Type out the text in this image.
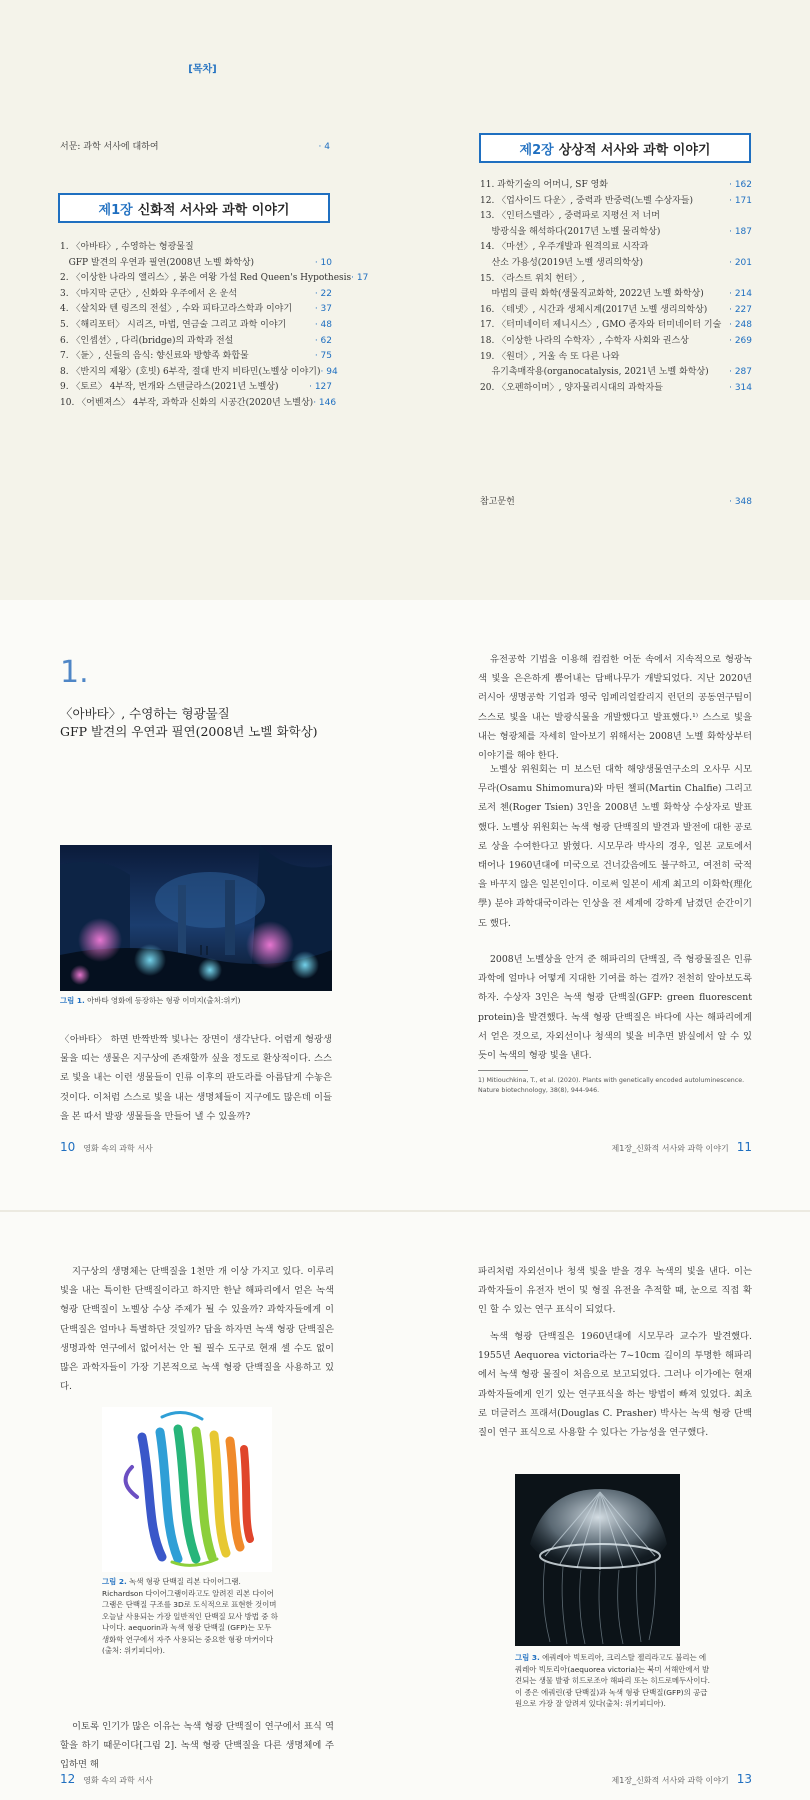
[목차]
서문: 과학 서사에 대하여	· 4
제1장 신화적 서사와 과학 이야기
1. 〈아바타〉, 수영하는 형광물질
GFP 발견의 우연과 필연(2008년 노벨 화학상)	· 10
2. 〈이상한 나라의 앨리스〉, 붉은 여왕 가설 Red Queen's Hypothesis · 17
3. 〈마지막 군단〉, 신화와 우주에서 온 운석	· 22
4. 〈살치와 텐 링즈의 전설〉, 수와 피타고라스학과 이야기	· 37
5. 〈해리포터〉 시리즈, 마법, 연금술 그리고 과학 이야기	· 48
6. 〈인셉션〉, 다리(bridge)의 과학과 전설	· 62
7. 〈듄〉, 신들의 음식: 향신료와 방향족 화합물	· 75
8. 〈반지의 제왕〉(호빗) 6부작, 절대 반지 비타민(노벨상 이야기) · 94
9. 〈토르〉 4부작, 번개와 스텐글라스(2021년 노벨상)	· 127
10. 〈어벤져스〉 4부작, 과학과 신화의 시공간(2020년 노벨상) · 146
제2장 상상적 서사와 과학 이야기
11. 과학기술의 어머니, SF 영화	· 162
12. 〈업사이드 다운〉, 중력과 반중력(노벨 수상자들)	· 171
13. 〈인터스텔라〉, 중력파로 지평선 저 너머
방광식을 해석하다(2017년 노벨 물리학상)	· 187
14. 〈마션〉, 우주개발과 원격의료 시작과
산소 가용성(2019년 노벨 생리의학상)	· 201
15. 〈라스트 위치 헌터〉,
마법의 클릭 화학(생물직교화학, 2022년 노벨 화학상)	· 214
16. 〈테넷〉, 시간과 생체시계(2017년 노벨 생리의학상)	· 227
17. 〈터미네이터 제니시스〉, GMO 종자와 터미네이터 기술	· 248
18. 〈이상한 나라의 수학자〉, 수학자 사회와 권스상	· 269
19. 〈원더〉, 거울 속 또 다른 나와
유기촉매작용(organocatalysis, 2021년 노벨 화학상)	· 287
20. 〈오펜하이머〉, 양자물리시대의 과학자들	· 314
참고문헌	· 348
1.
〈아바타〉, 수영하는 형광물질
GFP 발견의 우연과 필연(2008년 노벨 화학상)
그림 1. 아바타 영화에 등장하는 형광 이미지(출처:위키)
〈아바타〉 하면 반짝반짝 빛나는 장면이 생각난다. 어렴게 형광생물을 띠는 생물은 지구상에 존재할까 싶을 정도로 환상적이다. 스스로 빛을 내는 이런 생물들이 인류 이후의 판도라를 아름답게 수놓은 것이다. 이처럼 스스로 빛을 내는 생명체들이 지구에도 많은데 이들을 본 따서 발광 생물들을 만들어 낼 수 있을까?
유전공학 기법을 이용해 컴컴한 어둔 속에서 지속적으로 형광녹색 빛을 은은하게 뿜어내는 담배나무가 개발되었다. 지난 2020년 러시아 생명공학 기업과 영국 임페리얼칼리지 런던의 공동연구팀이 스스로 빛을 내는 발광식물을 개발했다고 발표했다.¹⁾ 스스로 빛을 내는 형광체를 자세히 알아보기 위해서는 2008년 노벨 화학상부터 이야기를 해야 한다.
노벨상 위원회는 미 보스턴 대학 해양생물연구소의 오사무 시모무라(Osamu Shimomura)와 마틴 챌피(Martin Chalfie) 그리고 로저 첸(Roger Tsien) 3인을 2008년 노벨 화학상 수상자로 발표했다. 노벨상 위원회는 녹색 형광 단백질의 발견과 발전에 대한 공로로 상을 수여한다고 밝혔다. 시모무라 박사의 경우, 일본 교토에서 태어나 1960년대에 미국으로 건너갔음에도 불구하고, 여전히 국적을 바꾸지 않은 일본인이다. 이로써 일본이 세계 최고의 이화학(理化學) 분야 과학대국이라는 인상을 전 세계에 강하게 남겼던 순간이기도 했다.
2008년 노벨상을 안겨 준 해파리의 단백질, 즉 형광물질은 인류 과학에 얼마나 어떻게 지대한 기여를 하는 걸까? 전천히 알아보도록 하자. 수상자 3인은 녹색 형광 단백질(GFP: green fluorescent protein)을 발견했다. 녹색 형광 단백질은 바다에 사는 해파리에게서 얻은 것으로, 자외선이나 청색의 빛을 비추면 밝실에서 알 수 있듯이 녹색의 형광 빛을 낸다.
1) Mitiouchkina, T., et al. (2020). Plants with genetically encoded autoluminescence. Nature biotechnology, 38(8), 944-946.
10 영화 속의 과학 서사	제1장_신화적 서사와 과학 이야기 11
지구상의 생명체는 단백질을 1천만 개 이상 가지고 있다. 이루리 빛을 내는 특이한 단백질이라고 하지만 한낱 해파리에서 얻은 녹색 형광 단백질이 노벨상 수상 주제가 될 수 있을까? 과학자들에게 이 단백질은 얼마나 특별하단 것일까? 답을 하자면 녹색 형광 단백질은 생명과학 연구에서 없어서는 안 될 필수 도구로 현재 셀 수도 없이 많은 과학자들이 가장 기본적으로 녹색 형광 단백질을 사용하고 있다.
그림 2. 녹색 형광 단백질 리본 다이어그램. Richardson 다이어그램이라고도 알려진 리본 다이어그램은 단백질 구조를 3D로 도식적으로 표현한 것이며 오늘날 사용되는 가장 일반적인 단백질 묘사 방법 중 하나이다. aequorin과 녹색 형광 단백질 (GFP)는 모두 생화학 연구에서 자주 사용되는 중요한 형광 마커이다(출처: 위키피디아).
이토록 인기가 많은 이유는 녹색 형광 단백질이 연구에서 표식 역할을 하기 때문이다[그림 2]. 녹색 형광 단백질을 다른 생명체에 주입하면 해
파리처럼 자외선이나 청색 빛을 받을 경우 녹색의 빛을 낸다. 이는 과학자들이 유전자 번이 및 형질 유전을 추적할 때, 눈으로 직접 확인 할 수 있는 연구 표식이 되었다.
녹색 형광 단백질은 1960년대에 시모무라 교수가 발견했다. 1955년 Aequorea victoria라는 7~10cm 길이의 투명한 해파리에서 녹색 형광 물질이 처음으로 보고되었다. 그러나 이가에는 현재 과학자들에게 인기 있는 연구표식을 하는 방법이 빠져 있었다. 최초로 더글러스 프래셔(Douglas C. Prasher) 박사는 녹색 형광 단백질이 연구 표식으로 사용할 수 있다는 가능성을 연구했다.
그림 3. 에쿼레아 빅토리아, 크리스탈 젤리라고도 불리는 에쿼레아 빅토리아(aequorea victoria)는 북미 서해안에서 발견되는 생물 발광 히드로조아 해파리 또는 히드로메두사이다. 이 종은 에쿼린(광 단백질)과 녹색 형광 단백질(GFP)의 공급원으로 가장 잘 알려져 있다(출처: 위키피디아).
12 영화 속의 과학 서사	제1장_신화적 서사와 과학 이야기 13
